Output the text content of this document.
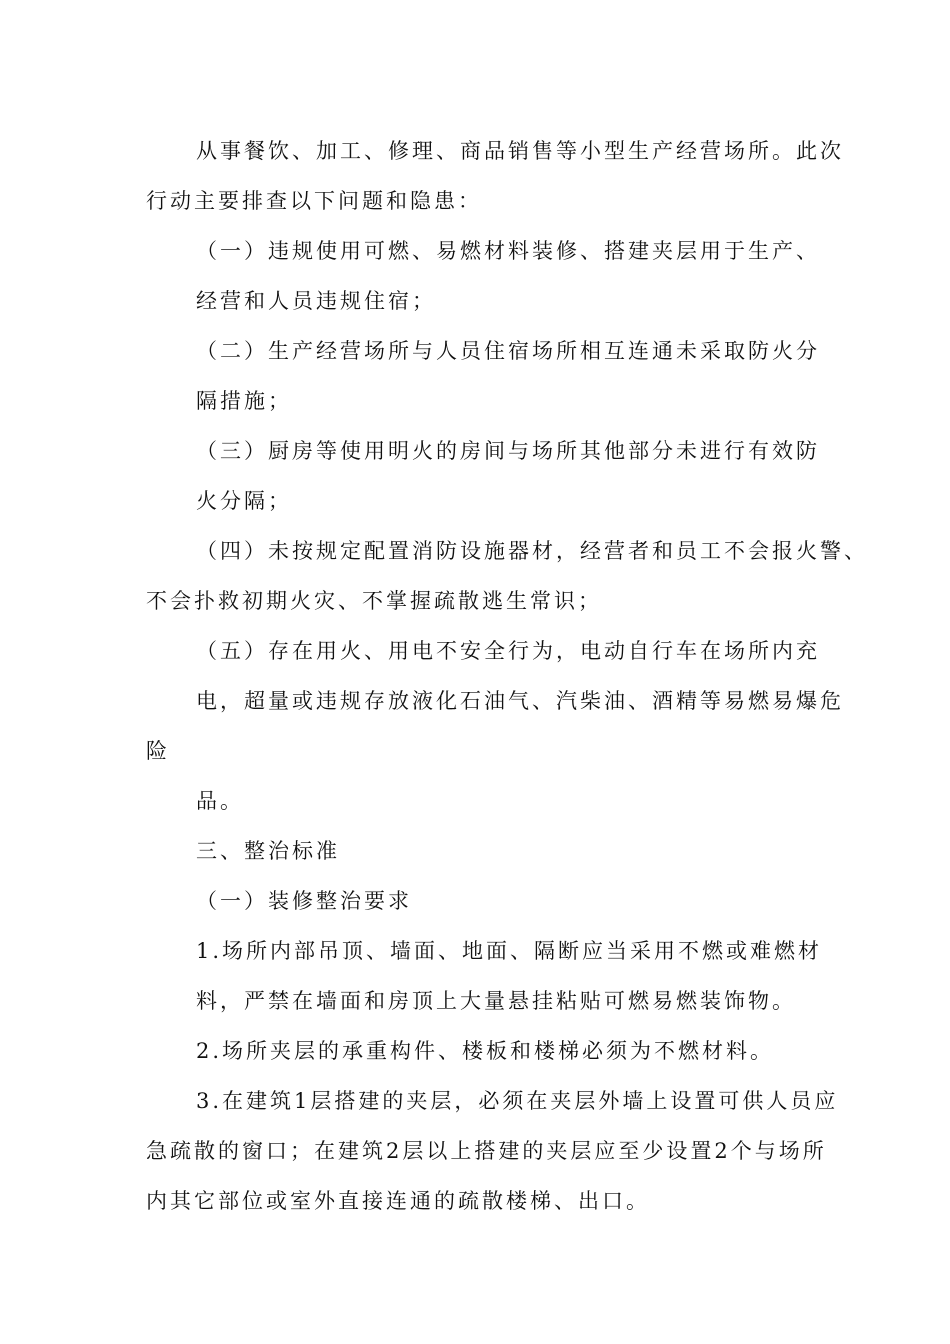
从事餐饮、加工、修理、商品销售等小型生产经营场所。此次
行动主要排查以下问题和隐患：
（一）违规使用可燃、易燃材料装修、搭建夹层用于生产、
经营和人员违规住宿；
（二）生产经营场所与人员住宿场所相互连通未采取防火分
隔措施；
（三）厨房等使用明火的房间与场所其他部分未进行有效防
火分隔；
（四）未按规定配置消防设施器材，经营者和员工不会报火警、
不会扑救初期火灾、不掌握疏散逃生常识；
（五）存在用火、用电不安全行为，电动自行车在场所内充
电，超量或违规存放液化石油气、汽柴油、酒精等易燃易爆危
险
品。
三、整治标准
（一）装修整治要求
1.场所内部吊顶、墙面、地面、隔断应当采用不燃或难燃材
料，严禁在墙面和房顶上大量悬挂粘贴可燃易燃装饰物。
2.场所夹层的承重构件、楼板和楼梯必须为不燃材料。
3.在建筑1层搭建的夹层，必须在夹层外墙上设置可供人员应
急疏散的窗口；在建筑2层以上搭建的夹层应至少设置2个与场所
内其它部位或室外直接连通的疏散楼梯、出口。
